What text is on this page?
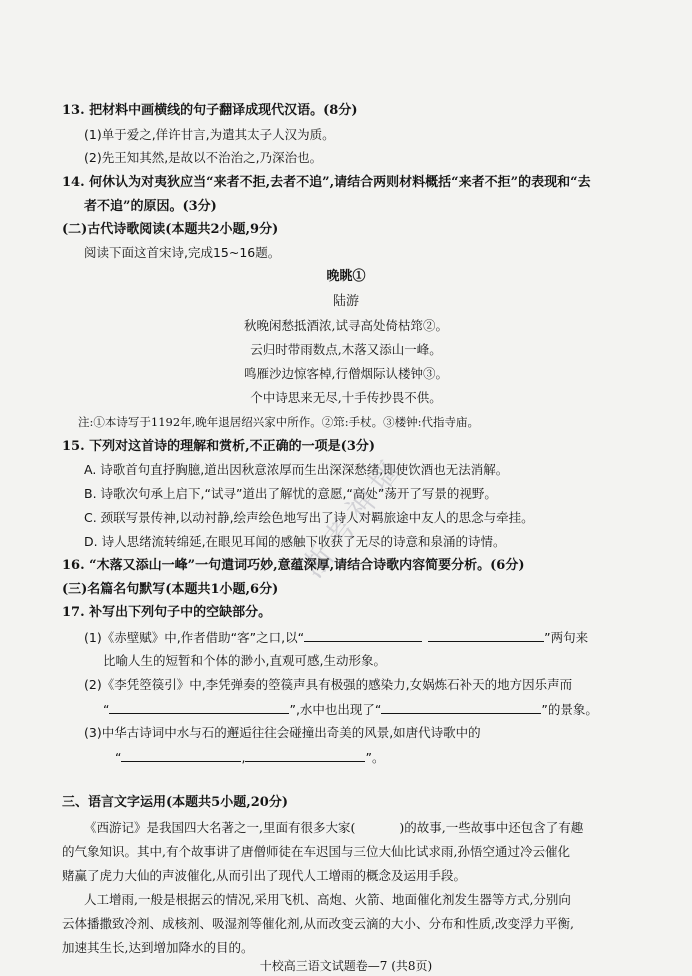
13. 把材料中画横线的句子翻译成现代汉语。(8分)
(1)单于爱之,佯许甘言,为遣其太子人汉为质。
(2)先王知其然,是故以不治治之,乃深治也。
14. 何休认为对夷狄应当“来者不拒,去者不追”,请结合两则材料概括“来者不拒”的表现和“去
者不追”的原因。(3分)
(二)古代诗歌阅读(本题共2小题,9分)
阅读下面这首宋诗,完成15~16题。
晚眺①
陆游
秋晚闲愁抵酒浓,试寻高处倚枯筇②。
云归时带雨数点,木落又添山一峰。
鸣雁沙边惊客棹,行僧烟际认楼钟③。
个中诗思来无尽,十手传抄畏不供。
注:①本诗写于1192年,晚年退居绍兴家中所作。②筇:手杖。③楼钟:代指寺庙。
15. 下列对这首诗的理解和赏析,不正确的一项是(3分)
A. 诗歌首句直抒胸臆,道出因秋意浓厚而生出深深愁绪,即使饮酒也无法消解。
B. 诗歌次句承上启下,“试寻”道出了解忧的意愿,“高处”荡开了写景的视野。
C. 颈联写景传神,以动衬静,绘声绘色地写出了诗人对羁旅途中友人的思念与牵挂。
D. 诗人思绪流转绵延,在眼见耳闻的感触下收获了无尽的诗意和泉涌的诗情。
16. “木落又添山一峰”一句遣词巧妙,意蕴深厚,请结合诗歌内容简要分析。(6分)
(三)名篇名句默写(本题共1小题,6分)
17. 补写出下列句子中的空缺部分。
(1)《赤壁赋》中,作者借助“客”之口,以“	”两句来
比喻人生的短暂和个体的渺小,直观可感,生动形象。
(2)《李凭箜篌引》中,李凭弹奏的箜篌声具有极强的感染力,女娲炼石补天的地方因乐声而
“	”,水中也出现了“	”的景象。
(3)中华古诗词中水与石的邂逅往往会碰撞出奇美的风景,如唐代诗歌中的
“	,	”。
三、语言文字运用(本题共5小题,20分)
《西游记》是我国四大名著之一,里面有很多大家(	)的故事,一些故事中还包含了有趣
的气象知识。其中,有个故事讲了唐僧师徒在车迟国与三位大仙比试求雨,孙悟空通过冷云催化
赌赢了虎力大仙的声波催化,从而引出了现代人工增雨的概念及运用手段。
人工增雨,一般是根据云的情况,采用飞机、高炮、火箭、地面催化剂发生器等方式,分别向
云体播撒致冷剂、成核剂、吸湿剂等催化剂,从而改变云滴的大小、分布和性质,改变浮力平衡,
加速其生长,达到增加降水的目的。
十校高三语文试题卷—7 (共8页)
浙考神墙
